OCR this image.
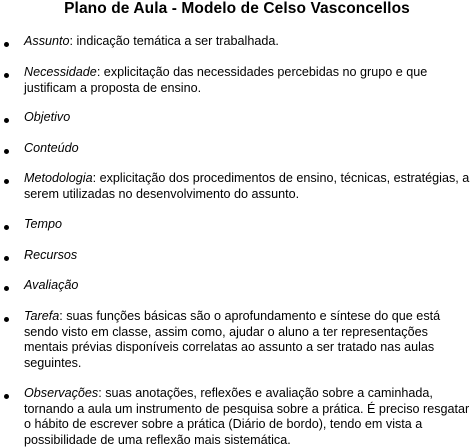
Plano de Aula - Modelo de Celso Vasconcellos
Assunto: indicação temática a ser trabalhada.
Necessidade: explicitação das necessidades percebidas no grupo e que justificam a proposta de ensino.
Objetivo
Conteúdo
Metodologia: explicitação dos procedimentos de ensino, técnicas, estratégias, a serem utilizadas no desenvolvimento do assunto.
Tempo
Recursos
Avaliação
Tarefa: suas funções básicas são o aprofundamento e síntese do que está sendo visto em classe, assim como, ajudar o aluno a ter representações mentais prévias disponíveis correlatas ao assunto a ser tratado nas aulas seguintes.
Observações: suas anotações, reflexões e avaliação sobre a caminhada, tornando a aula um instrumento de pesquisa sobre a prática. É preciso resgatar o hábito de escrever sobre a prática (Diário de bordo), tendo em vista a possibilidade de uma reflexão mais sistemática.
